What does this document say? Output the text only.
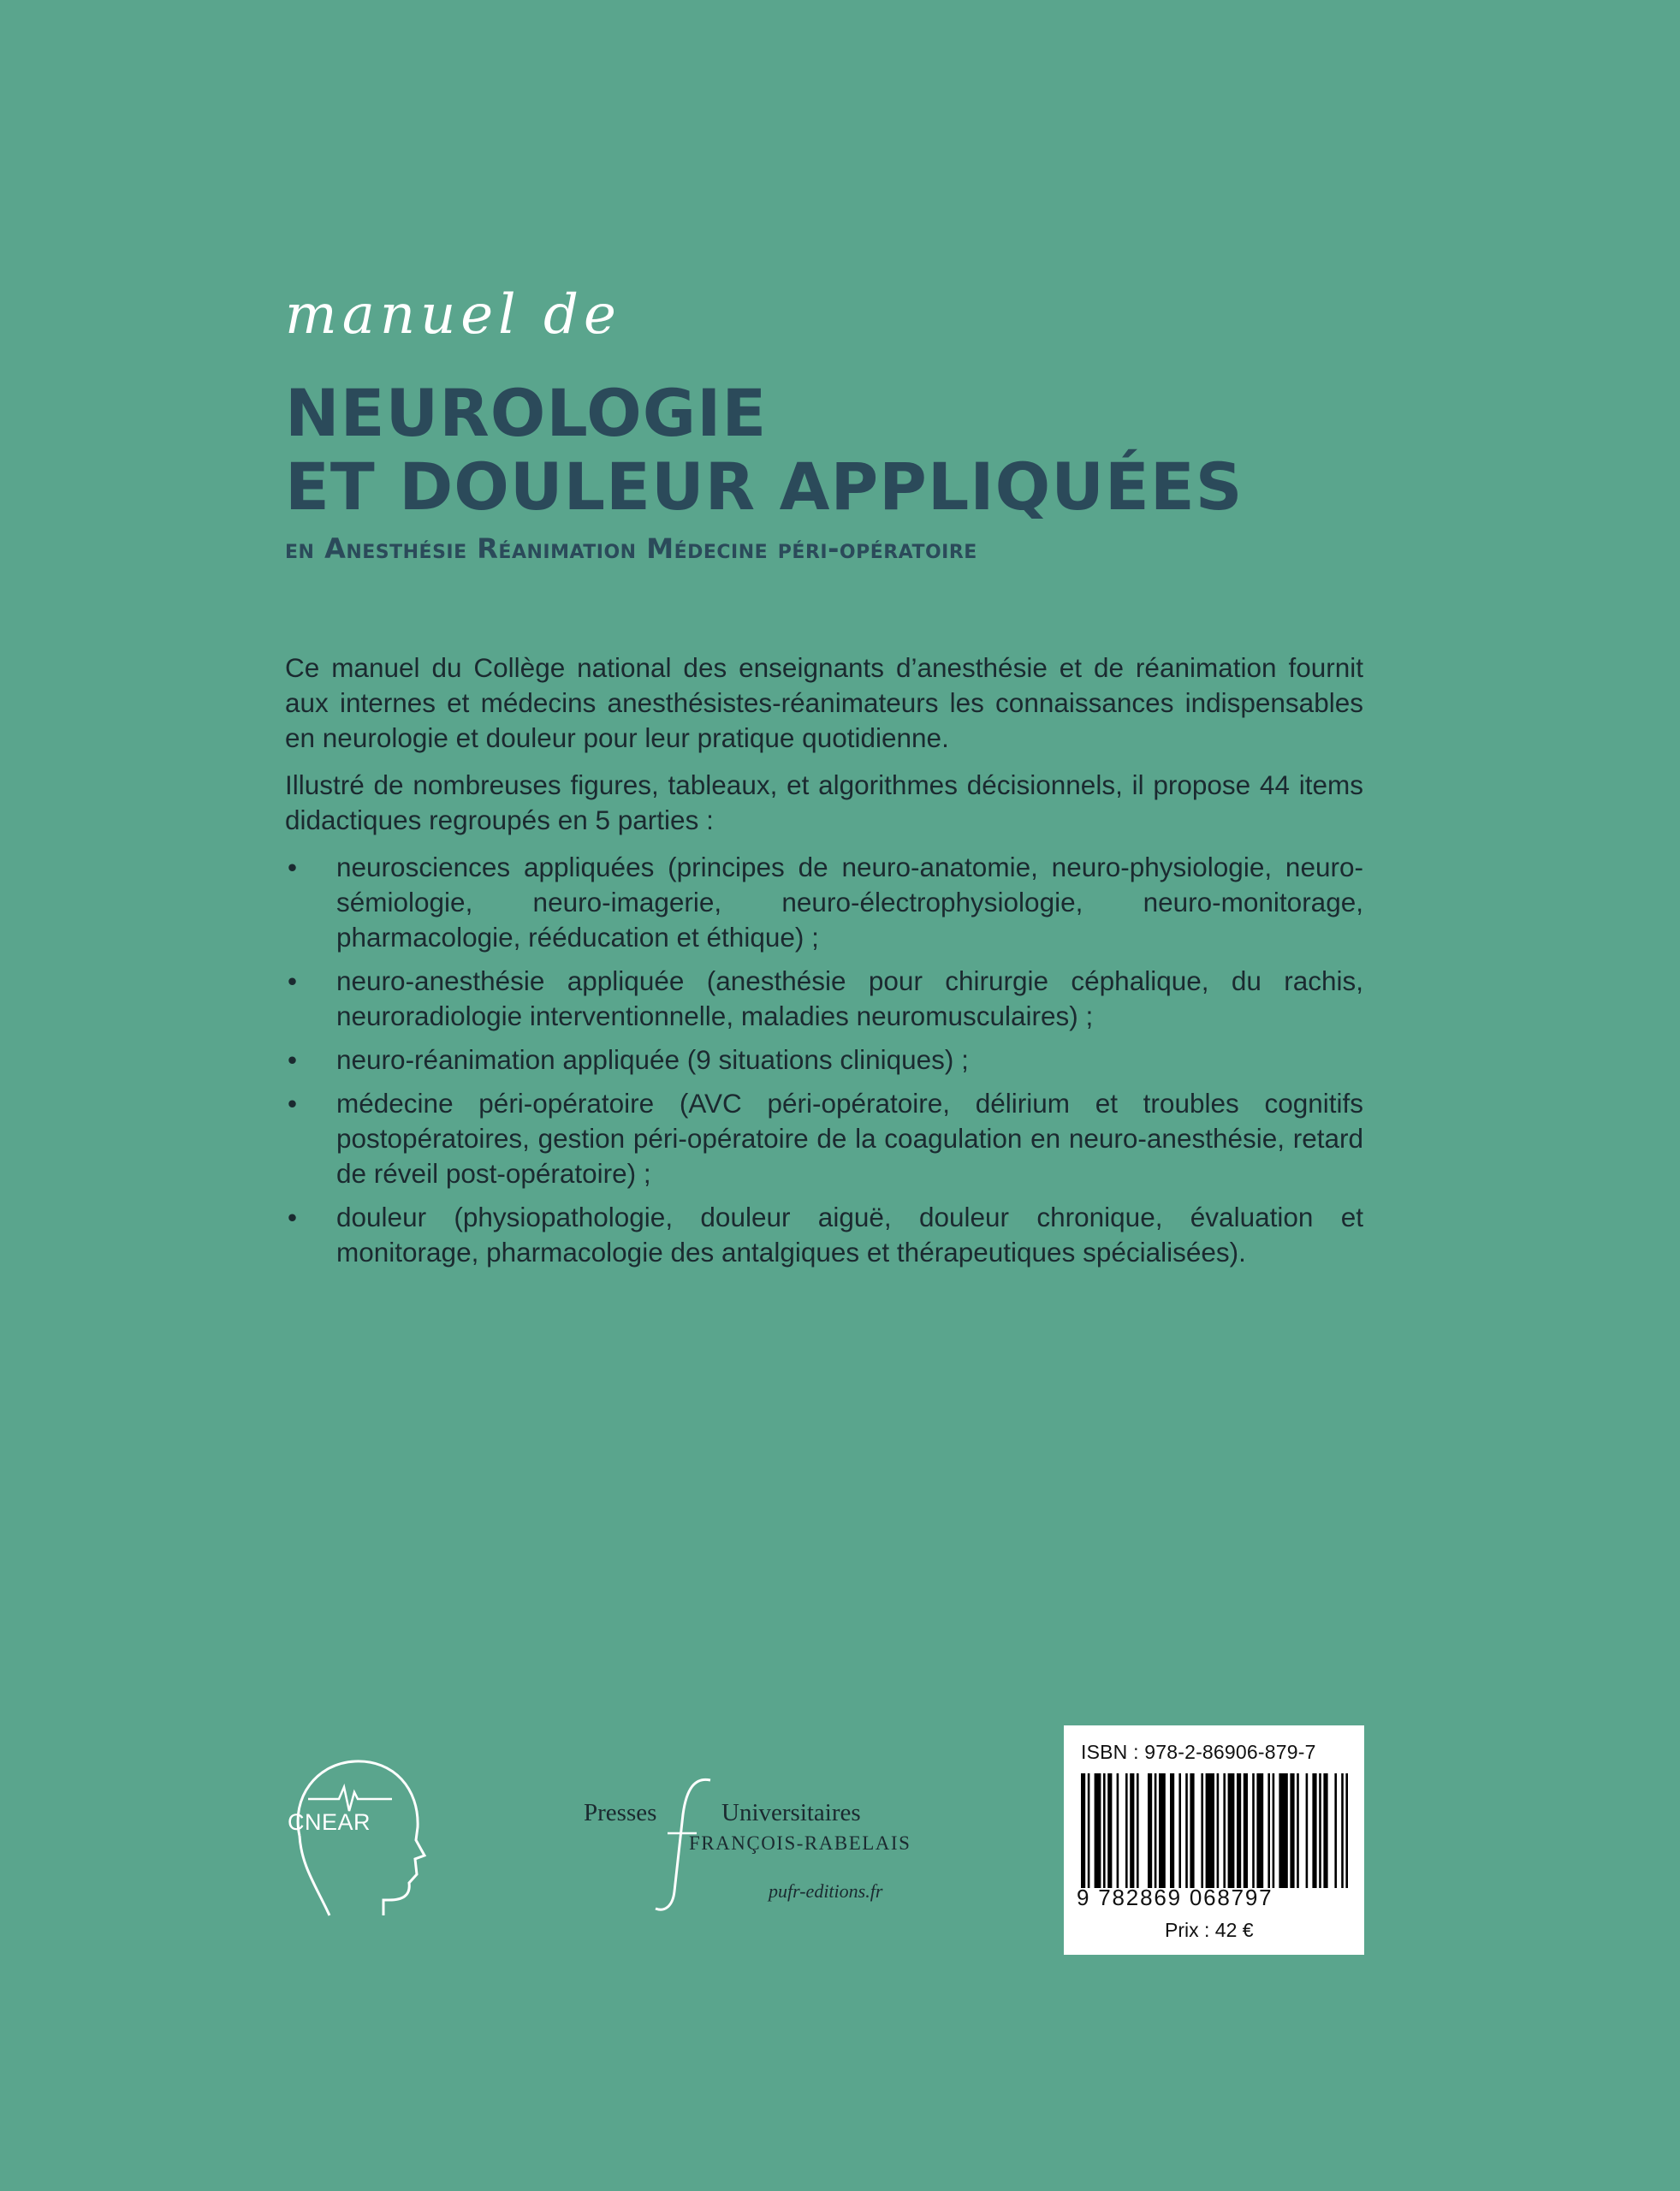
manuel de
NEUROLOGIE
ET DOULEUR APPLIQUÉES
en Anesthésie Réanimation Médecine péri-opératoire

Ce manuel du Collège national des enseignants d’anesthésie et de réanimation fournit aux internes et médecins anesthésistes-réanimateurs les connaissances indispensables en neurologie et douleur pour leur pratique quotidienne.

Illustré de nombreuses figures, tableaux, et algorithmes décisionnels, il propose 44 items didactiques regroupés en 5 parties :

• neurosciences appliquées (principes de neuro-anatomie, neuro-physiologie, neuro-sémiologie, neuro-imagerie, neuro-électrophysiologie, neuro-monitorage, pharmacologie, rééducation et éthique) ;
• neuro-anesthésie appliquée (anesthésie pour chirurgie céphalique, du rachis, neuroradiologie interventionnelle, maladies neuromusculaires) ;
• neuro-réanimation appliquée (9 situations cliniques) ;
• médecine péri-opératoire (AVC péri-opératoire, délirium et troubles cognitifs postopératoires, gestion péri-opératoire de la coagulation en neuro-anesthésie, retard de réveil post-opératoire) ;
• douleur (physiopathologie, douleur aiguë, douleur chronique, évaluation et monitorage, pharmacologie des antalgiques et thérapeutiques spécialisées).
CNEAR	Presses	Universitaires
FRANÇOIS-RABELAIS
pufr-editions.fr
ISBN : 978-2-86906-879-7
9 782869 068797
Prix : 42 €
